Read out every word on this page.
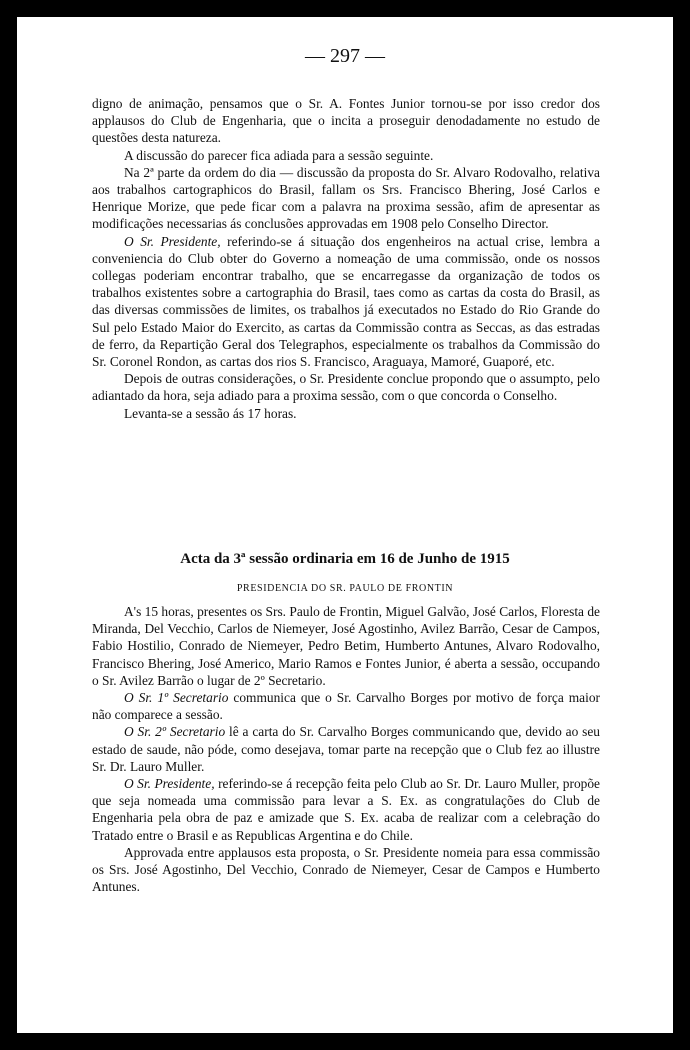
— 297 —

digno de animação, pensamos que o Sr. A. Fontes Junior tornou-se por isso credor dos applausos do Club de Engenharia, que o incita a proseguir denodadamente no estudo de questões desta natureza.

A discussão do parecer fica adiada para a sessão seguinte.

Na 2ª parte da ordem do dia — discussão da proposta do Sr. Alvaro Rodovalho, relativa aos trabalhos cartographicos do Brasil, fallam os Srs. Francisco Bhering, José Carlos e Henrique Morize, que pede ficar com a palavra na proxima sessão, afim de apresentar as modificações necessarias ás conclusões approvadas em 1908 pelo Conselho Director.

O Sr. Presidente, referindo-se á situação dos engenheiros na actual crise, lembra a conveniencia do Club obter do Governo a nomeação de uma commissão, onde os nossos collegas poderiam encontrar trabalho, que se encarregasse da organização de todos os trabalhos existentes sobre a cartographia do Brasil, taes como as cartas da costa do Brasil, as das diversas commissões de limites, os trabalhos já executados no Estado do Rio Grande do Sul pelo Estado Maior do Exercito, as cartas da Commissão contra as Seccas, as das estradas de ferro, da Repartição Geral dos Telegraphos, especialmente os trabalhos da Commissão do Sr. Coronel Rondon, as cartas dos rios S. Francisco, Araguaya, Mamoré, Guaporé, etc.

Depois de outras considerações, o Sr. Presidente conclue propondo que o assumpto, pelo adiantado da hora, seja adiado para a proxima sessão, com o que concorda o Conselho.

Levanta-se a sessão ás 17 horas.

Acta da 3ª sessão ordinaria em 16 de Junho de 1915
PRESIDENCIA DO SR. PAULO DE FRONTIN

A's 15 horas, presentes os Srs. Paulo de Frontin, Miguel Galvão, José Carlos, Floresta de Miranda, Del Vecchio, Carlos de Niemeyer, José Agostinho, Avilez Barrão, Cesar de Campos, Fabio Hostilio, Conrado de Niemeyer, Pedro Betim, Humberto Antunes, Alvaro Rodovalho, Francisco Bhering, José Americo, Mario Ramos e Fontes Junior, é aberta a sessão, occupando o Sr. Avilez Barrão o lugar de 2º Secretario.

O Sr. 1º Secretario communica que o Sr. Carvalho Borges por motivo de força maior não comparece a sessão.

O Sr. 2º Secretario lê a carta do Sr. Carvalho Borges communicando que, devido ao seu estado de saude, não póde, como desejava, tomar parte na recepção que o Club fez ao illustre Sr. Dr. Lauro Muller.

O Sr. Presidente, referindo-se á recepção feita pelo Club ao Sr. Dr. Lauro Muller, propõe que seja nomeada uma commissão para levar a S. Ex. as congratulações do Club de Engenharia pela obra de paz e amizade que S. Ex. acaba de realizar com a celebração do Tratado entre o Brasil e as Republicas Argentina e do Chile.

Approvada entre applausos esta proposta, o Sr. Presidente nomeia para essa commissão os Srs. José Agostinho, Del Vecchio, Conrado de Niemeyer, Cesar de Campos e Humberto Antunes.
